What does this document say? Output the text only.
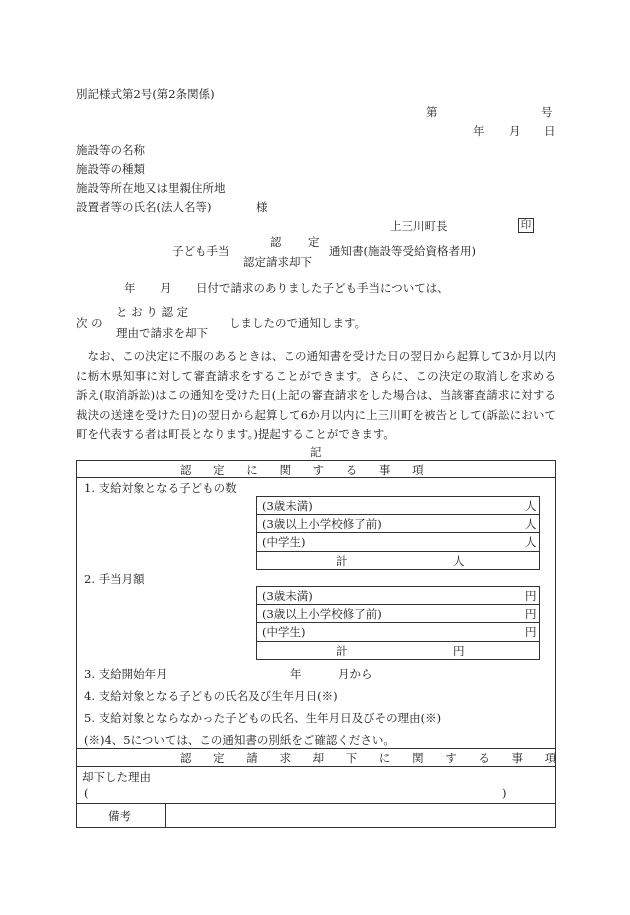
別記様式第2号(第2条関係)
第	号
年 月 日
施設等の名称
施設等の種類
施設等所在地又は里親住所地
設置者等の氏名(法人名等)	様
上三川町長	印
認 定
子ども手当	通知書(施設等受給資格者用)
認定請求却下
年 月 日付で請求のありました子ども手当については、
と お り 認 定
次 の	しましたので通知します。
理由で請求を却下
なお、この決定に不服のあるときは、この通知書を受けた日の翌日から起算して3か月以内に栃木県知事に対して審査請求をすることができます。さらに、この決定の取消しを求める訴え(取消訴訟)はこの通知を受けた日(上記の審査請求をした場合は、当該審査請求に対する裁決の送達を受けた日)の翌日から起算して6か月以内に上三川町を被告として(訴訟において町を代表する者は町長となります。)提起することができます。
記
認 定 に 関 す る 事 項
1. 支給対象となる子どもの数
(3歳未満)	人
(3歳以上小学校修了前)	人
(中学生)	人
計	人
2. 手当月額
(3歳未満)	円
(3歳以上小学校修了前)	円
(中学生)	円
計	円
3. 支給開始年月	年	月から
4. 支給対象となる子どもの氏名及び生年月日(※)
5. 支給対象とならなかった子どもの氏名、生年月日及びその理由(※)
(※)4、5については、この通知書の別紙をご確認ください。
認 定 請 求 却 下 に 関 す る 事 項
却下した理由
(	)
備考
